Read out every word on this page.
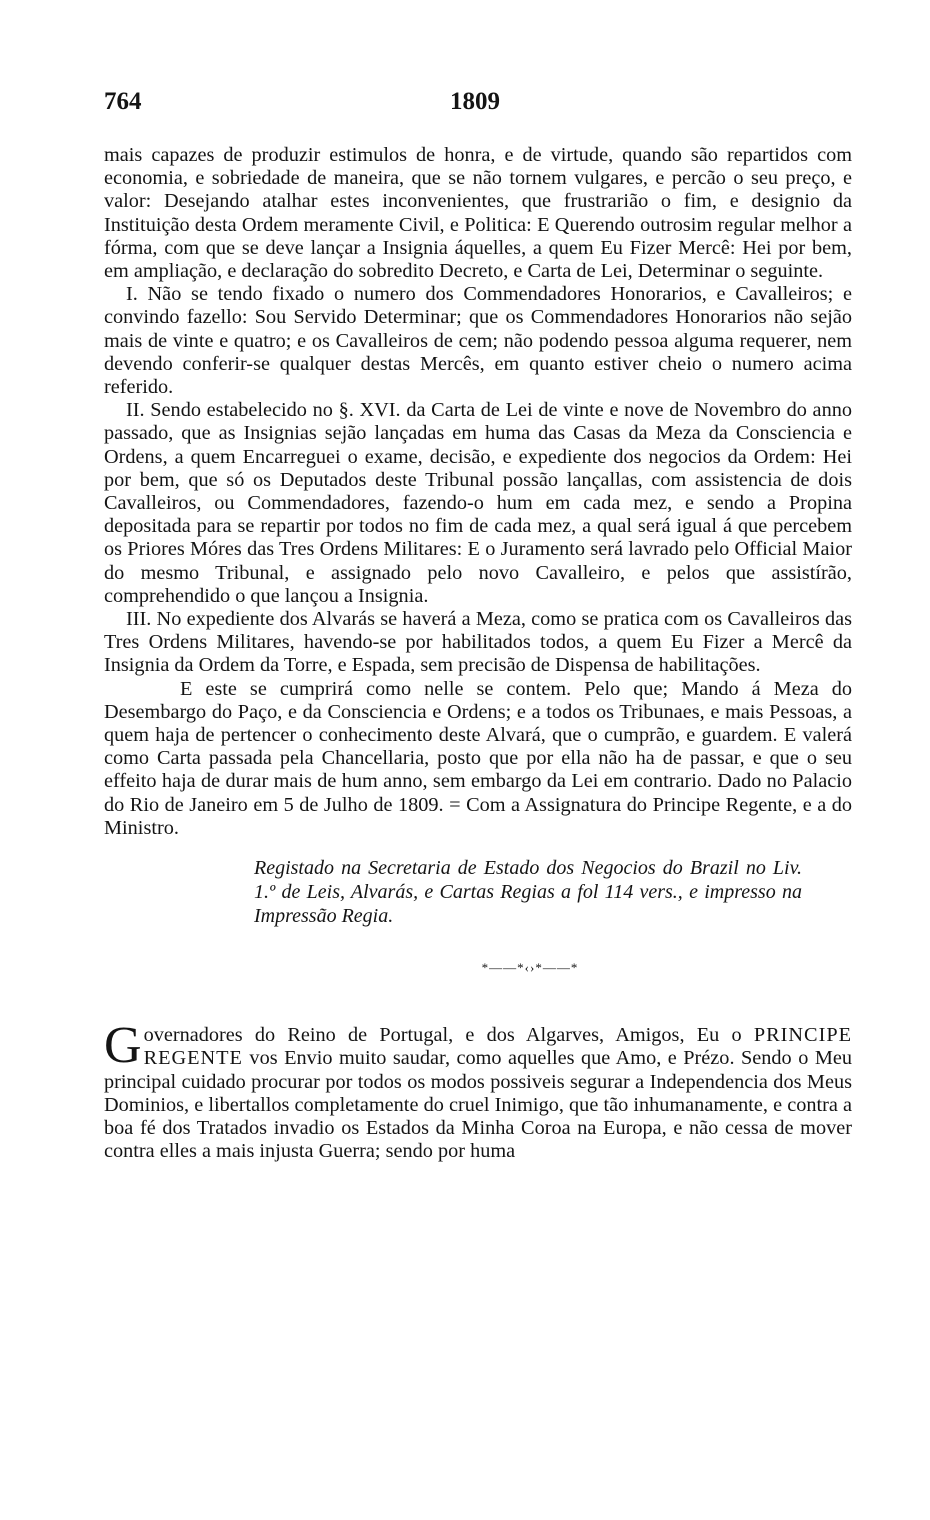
764	1809

mais capazes de produzir estimulos de honra, e de virtude, quando são repartidos com economia, e sobriedade de maneira, que se não tornem vulgares, e percão o seu preço, e valor: Desejando atalhar estes inconvenientes, que frustrarião o fim, e designio da Instituição desta Ordem meramente Civil, e Politica: E Querendo outrosim regular melhor a fórma, com que se deve lançar a Insignia áquelles, a quem Eu Fizer Mercê: Hei por bem, em ampliação, e declaração do sobredito Decreto, e Carta de Lei, Determinar o seguinte.

I. Não se tendo fixado o numero dos Commendadores Honorarios, e Cavalleiros; e convindo fazello: Sou Servido Determinar; que os Commendadores Honorarios não sejão mais de vinte e quatro; e os Cavalleiros de cem; não podendo pessoa alguma requerer, nem devendo conferir-se qualquer destas Mercês, em quanto estiver cheio o numero acima referido.

II. Sendo estabelecido no §. XVI. da Carta de Lei de vinte e nove de Novembro do anno passado, que as Insignias sejão lançadas em huma das Casas da Meza da Consciencia e Ordens, a quem Encarreguei o exame, decisão, e expediente dos negocios da Ordem: Hei por bem, que só os Deputados deste Tribunal possão lançallas, com assistencia de dois Cavalleiros, ou Commendadores, fazendo-o hum em cada mez, e sendo a Propina depositada para se repartir por todos no fim de cada mez, a qual será igual á que percebem os Priores Móres das Tres Ordens Militares: E o Juramento será lavrado pelo Official Maior do mesmo Tribunal, e assignado pelo novo Cavalleiro, e pelos que assistírão, comprehendido o que lançou a Insignia.

III. No expediente dos Alvarás se haverá a Meza, como se pratica com os Cavalleiros das Tres Ordens Militares, havendo-se por habilitados todos, a quem Eu Fizer a Mercê da Insignia da Ordem da Torre, e Espada, sem precisão de Dispensa de habilitações.

E este se cumprirá como nelle se contem. Pelo que; Mando á Meza do Desembargo do Paço, e da Consciencia e Ordens; e a todos os Tribunaes, e mais Pessoas, a quem haja de pertencer o conhecimento deste Alvará, que o cumprão, e guardem. E valerá como Carta passada pela Chancellaria, posto que por ella não ha de passar, e que o seu effeito haja de durar mais de hum anno, sem embargo da Lei em contrario. Dado no Palacio do Rio de Janeiro em 5 de Julho de 1809. = Com a Assignatura do Principe Regente, e a do Ministro.

Registado na Secretaria de Estado dos Negocios do Brazil no Liv. 1.º de Leis, Alvarás, e Cartas Regias a fol 114 vers., e impresso na Impressão Regia.

*——*‹›*——*

Governadores do Reino de Portugal, e dos Algarves, Amigos, Eu o PRINCIPE REGENTE vos Envio muito saudar, como aquelles que Amo, e Prézo. Sendo o Meu principal cuidado procurar por todos os modos possiveis segurar a Independencia dos Meus Dominios, e libertallos completamente do cruel Inimigo, que tão inhumanamente, e contra a boa fé dos Tratados invadio os Estados da Minha Coroa na Europa, e não cessa de mover contra elles a mais injusta Guerra; sendo por huma
